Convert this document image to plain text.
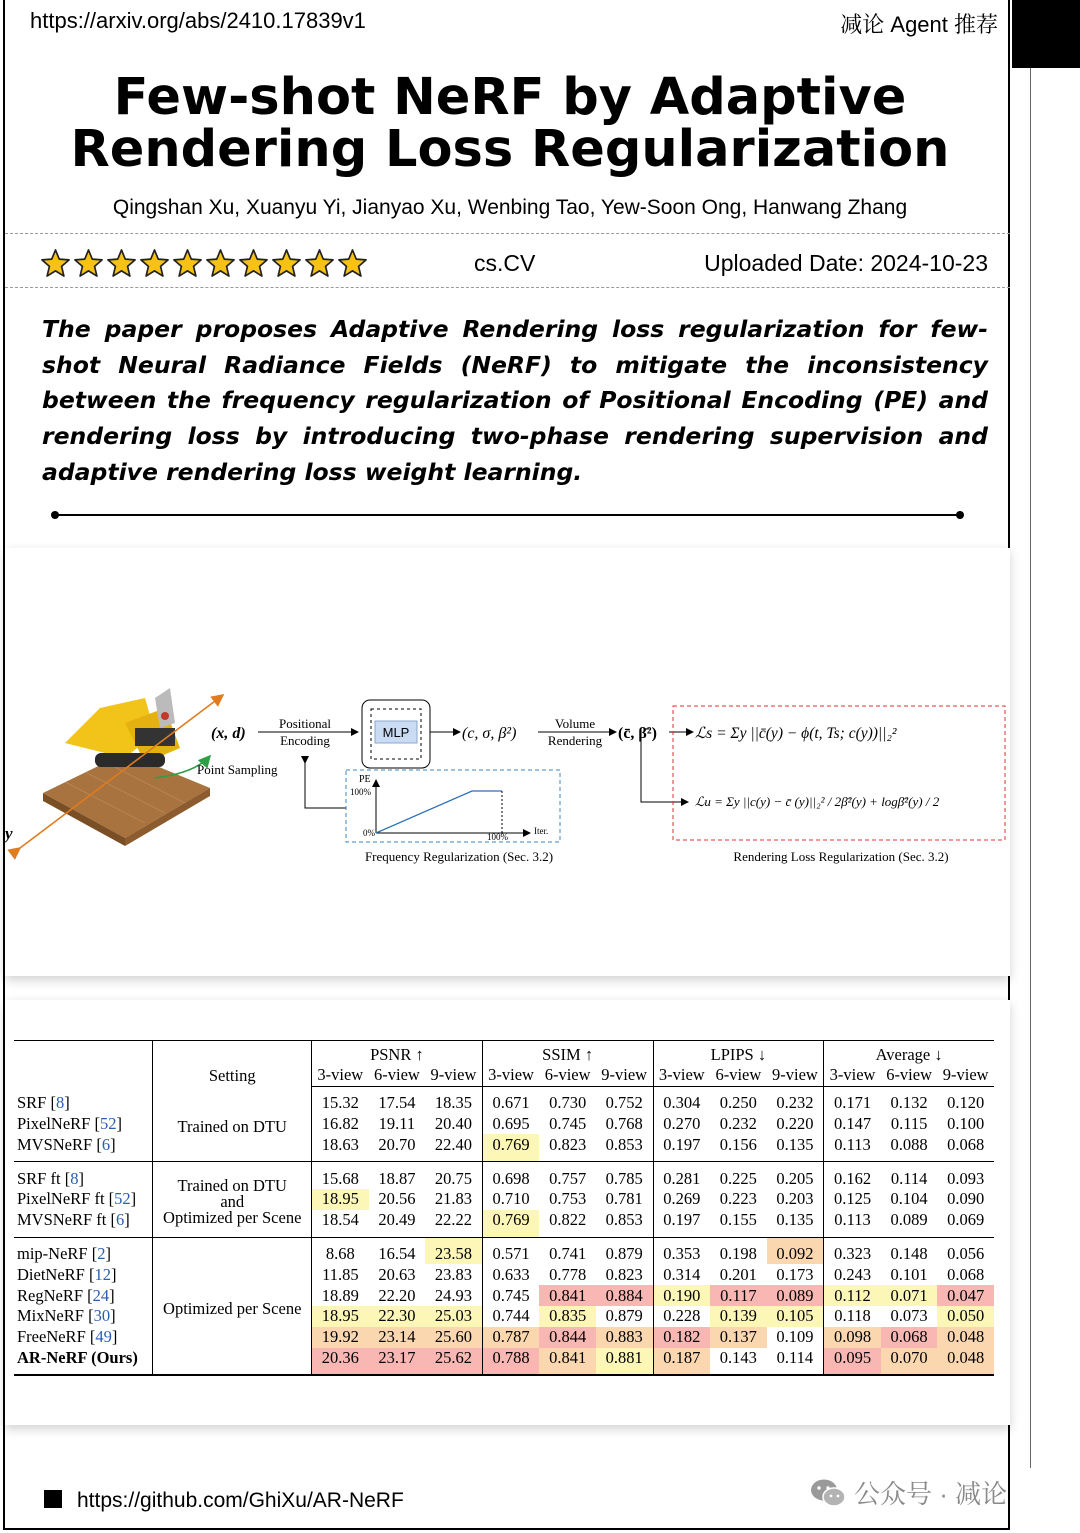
https://arxiv.org/abs/2410.17839v1	减论 Agent 推荐
Few-shot NeRF by Adaptive
Rendering Loss Regularization
Qingshan Xu, Xuanyu Yi, Jianyao Xu, Wenbing Tao, Yew-Soon Ong, Hanwang Zhang
cs.CV	Uploaded Date: 2024-10-23
The paper proposes Adaptive Rendering loss regularization for few-shot Neural Radiance Fields (NeRF) to mitigate the inconsistency between the frequency regularization of Positional Encoding (PE) and rendering loss by introducing two-phase rendering supervision and adaptive rendering loss weight learning.
y
(x, d)
Positional
Encoding
Point Sampling
MLP	(c, σ, β²)
Volume
Rendering (c̄, β̄²)
PE
100%
0%	100%
Iter.
Frequency Regularization (Sec. 3.2)
ℒs = Σy ||c̄(y) − ϕ(t, Ts; c(y))||₂²
ℒu = Σy ||c(y) − c̄ (y)||₂² / 2β̄²(y) + logβ̄²(y) / 2
Rendering Loss Regularization (Sec. 3.2)
	Setting	PSNR ↑			SSIM ↑			LPIPS ↓			Average ↓		
		3-view	6-view	9-view	3-view	6-view	9-view	3-view	6-view	9-view	3-view	6-view	9-view
SRF [8]	Trained on DTU	15.32	17.54	18.35	0.671	0.730	0.752	0.304	0.250	0.232	0.171	0.132	0.120
PixelNeRF [52]		16.82	19.11	20.40	0.695	0.745	0.768	0.270	0.232	0.220	0.147	0.115	0.100
MVSNeRF [6]		18.63	20.70	22.40	0.769	0.823	0.853	0.197	0.156	0.135	0.113	0.088	0.068
SRF ft [8]	Trained on DTU
and
Optimized per Scene	15.68	18.87	20.75	0.698	0.757	0.785	0.281	0.225	0.205	0.162	0.114	0.093
PixelNeRF ft [52]		18.95	20.56	21.83	0.710	0.753	0.781	0.269	0.223	0.203	0.125	0.104	0.090
MVSNeRF ft [6]		18.54	20.49	22.22	0.769	0.822	0.853	0.197	0.155	0.135	0.113	0.089	0.069
mip-NeRF [2]	Optimized per Scene	8.68	16.54	23.58	0.571	0.741	0.879	0.353	0.198	0.092	0.323	0.148	0.056
DietNeRF [12]		11.85	20.63	23.83	0.633	0.778	0.823	0.314	0.201	0.173	0.243	0.101	0.068
RegNeRF [24]		18.89	22.20	24.93	0.745	0.841	0.884	0.190	0.117	0.089	0.112	0.071	0.047
MixNeRF [30]		18.95	22.30	25.03	0.744	0.835	0.879	0.228	0.139	0.105	0.118	0.073	0.050
FreeNeRF [49]		19.92	23.14	25.60	0.787	0.844	0.883	0.182	0.137	0.109	0.098	0.068	0.048
AR-NeRF (Ours)		20.36	23.17	25.62	0.788	0.841	0.881	0.187	0.143	0.114	0.095	0.070	0.048
https://github.com/GhiXu/AR-NeRF	公众号 · 减论
